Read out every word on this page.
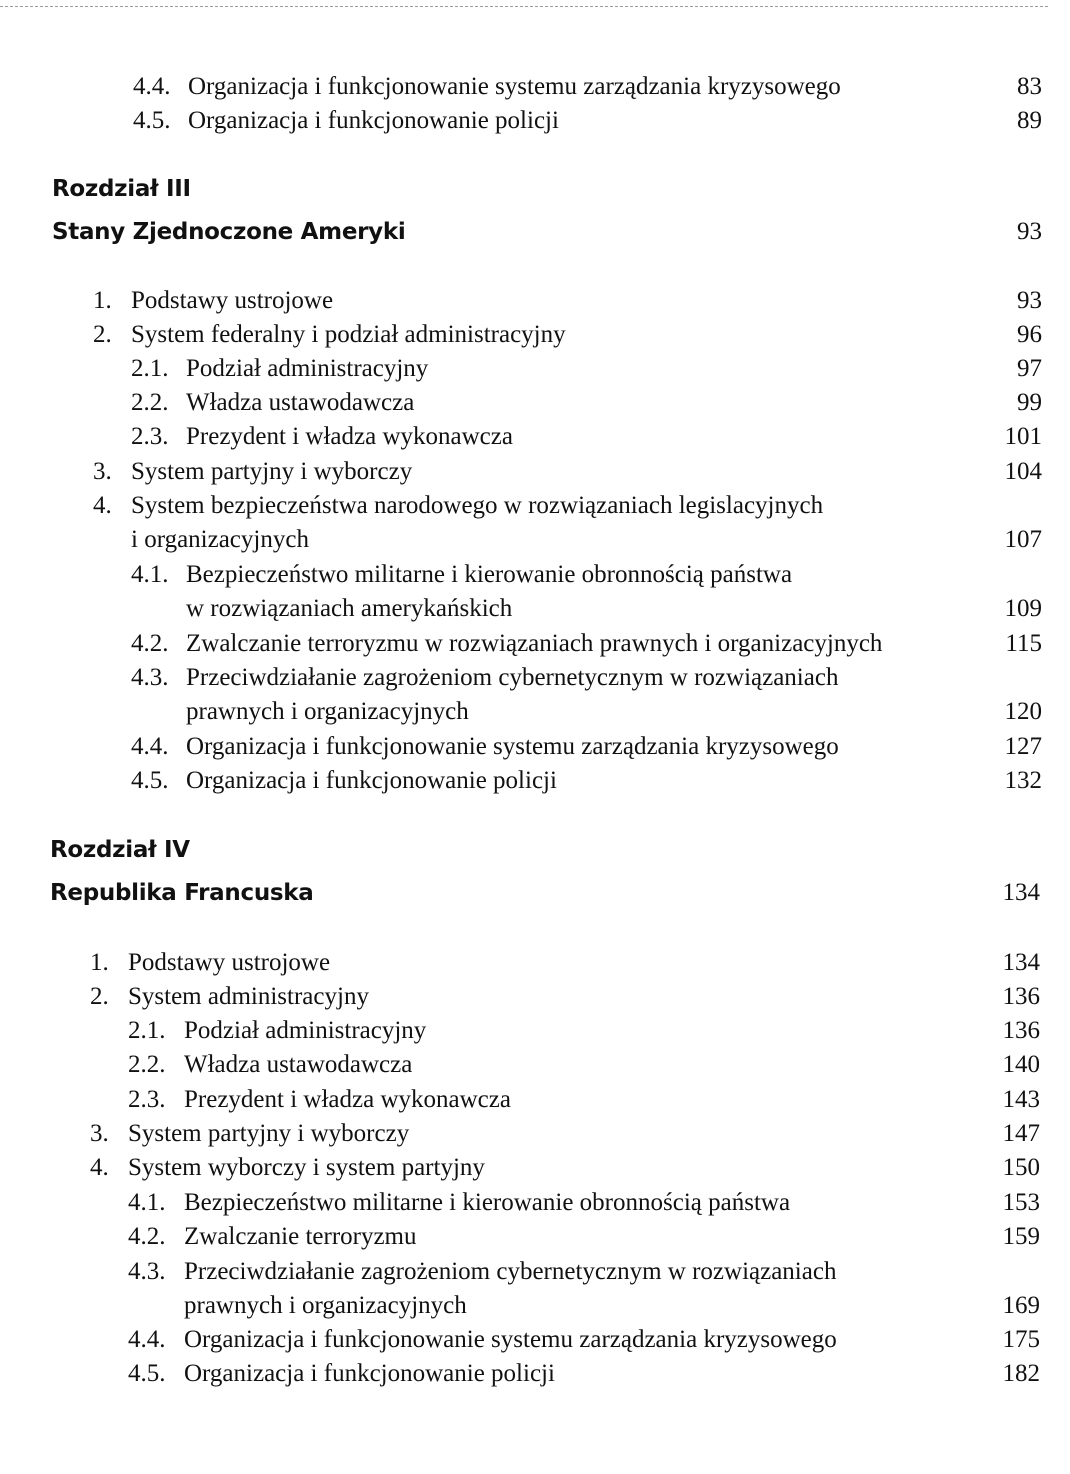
4.4. Organizacja i funkcjonowanie systemu zarządzania kryzysowego	83
4.5. Organizacja i funkcjonowanie policji	89
Rozdział III
Stany Zjednoczone Ameryki	93
1. Podstawy ustrojowe	93
2. System federalny i podział administracyjny	96
2.1. Podział administracyjny	97
2.2. Władza ustawodawcza	99
2.3. Prezydent i władza wykonawcza	101
3. System partyjny i wyborczy	104
4. System bezpieczeństwa narodowego w rozwiązaniach legislacyjnych
i organizacyjnych	107
4.1. Bezpieczeństwo militarne i kierowanie obronnością państwa
w rozwiązaniach amerykańskich	109
4.2. Zwalczanie terroryzmu w rozwiązaniach prawnych i organizacyjnych	115
4.3. Przeciwdziałanie zagrożeniom cybernetycznym w rozwiązaniach
prawnych i organizacyjnych	120
4.4. Organizacja i funkcjonowanie systemu zarządzania kryzysowego	127
4.5. Organizacja i funkcjonowanie policji	132
Rozdział IV
Republika Francuska	134
1. Podstawy ustrojowe	134
2. System administracyjny	136
2.1. Podział administracyjny	136
2.2. Władza ustawodawcza	140
2.3. Prezydent i władza wykonawcza	143
3. System partyjny i wyborczy	147
4. System wyborczy i system partyjny	150
4.1. Bezpieczeństwo militarne i kierowanie obronnością państwa	153
4.2. Zwalczanie terroryzmu	159
4.3. Przeciwdziałanie zagrożeniom cybernetycznym w rozwiązaniach
prawnych i organizacyjnych	169
4.4. Organizacja i funkcjonowanie systemu zarządzania kryzysowego	175
4.5. Organizacja i funkcjonowanie policji	182
